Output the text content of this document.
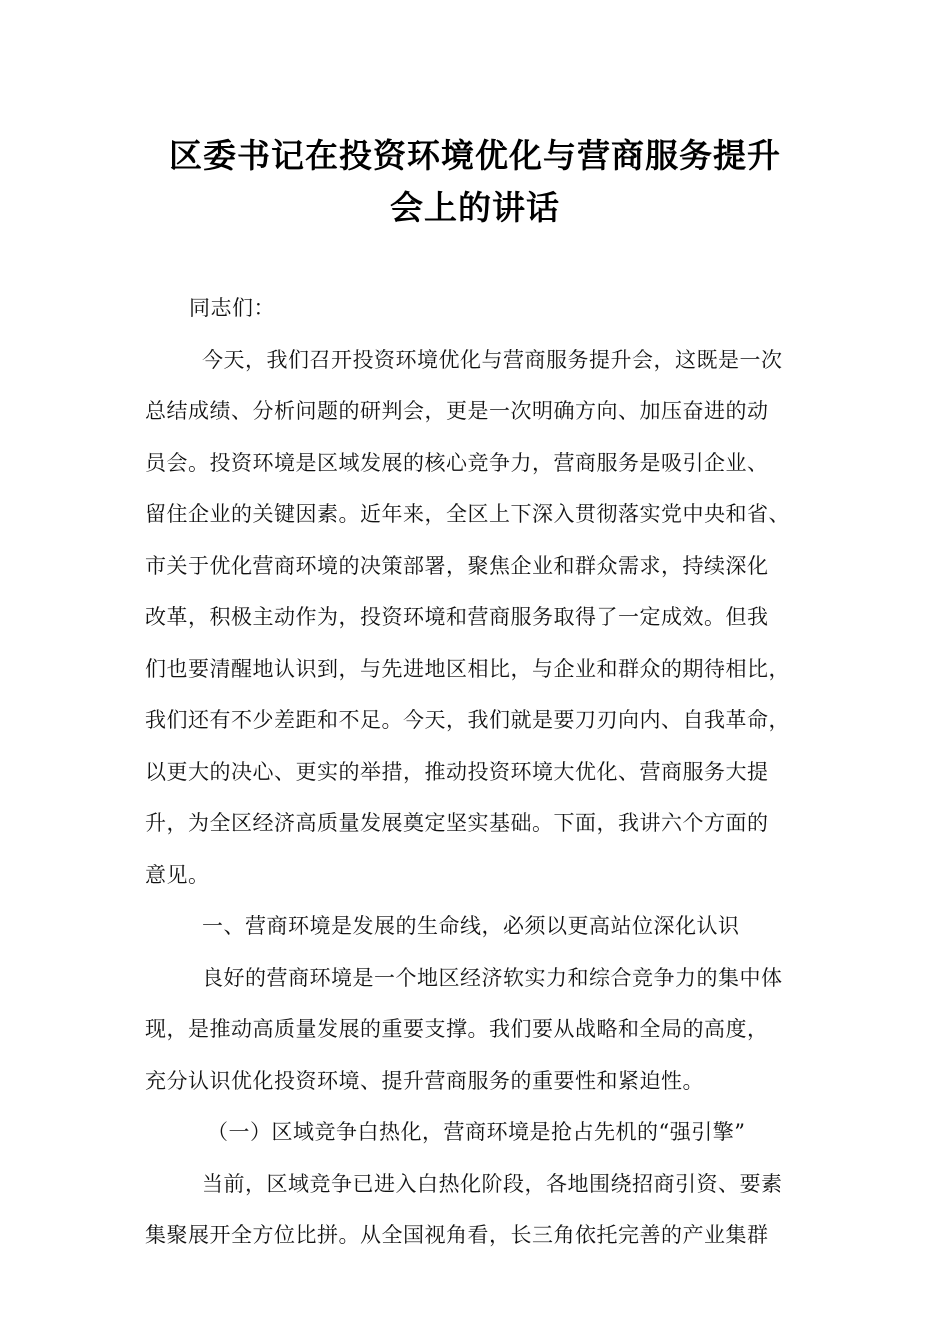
区委书记在投资环境优化与营商服务提升
会上的讲话
同志们：
今天，我们召开投资环境优化与营商服务提升会，这既是一次
总结成绩、分析问题的研判会，更是一次明确方向、加压奋进的动
员会。投资环境是区域发展的核心竞争力，营商服务是吸引企业、
留住企业的关键因素。近年来，全区上下深入贯彻落实党中央和省、
市关于优化营商环境的决策部署，聚焦企业和群众需求，持续深化
改革，积极主动作为，投资环境和营商服务取得了一定成效。但我
们也要清醒地认识到，与先进地区相比，与企业和群众的期待相比，
我们还有不少差距和不足。今天，我们就是要刀刃向内、自我革命，
以更大的决心、更实的举措，推动投资环境大优化、营商服务大提
升，为全区经济高质量发展奠定坚实基础。下面，我讲六个方面的
意见。
一、营商环境是发展的生命线，必须以更高站位深化认识
良好的营商环境是一个地区经济软实力和综合竞争力的集中体
现，是推动高质量发展的重要支撑。我们要从战略和全局的高度，
充分认识优化投资环境、提升营商服务的重要性和紧迫性。
（一）区域竞争白热化，营商环境是抢占先机的“强引擎”
当前，区域竞争已进入白热化阶段，各地围绕招商引资、要素
集聚展开全方位比拼。从全国视角看，长三角依托完善的产业集群
